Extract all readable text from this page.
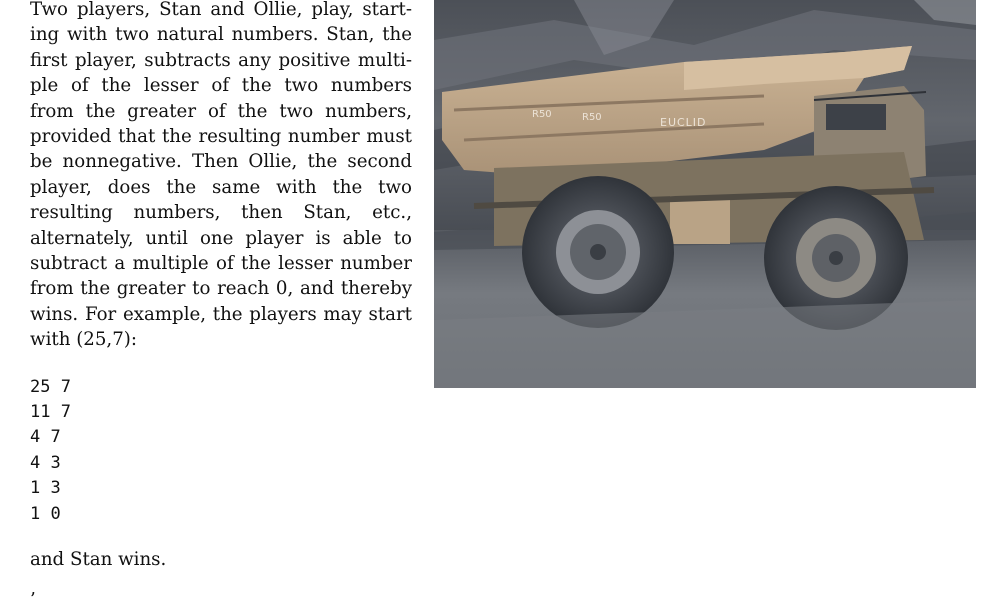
Two players, Stan and Ollie, play, starting with two natural numbers. Stan, the first player, subtracts any positive multiple of the lesser of the two numbers from the greater of the two numbers, provided that the resulting number must be nonnegative. Then Ollie, the second player, does the same with the two resulting numbers, then Stan, etc., alternately, until one player is able to subtract a multiple of the lesser number from the greater to reach 0, and thereby wins. For example, the players may start with (25,7):

25 7
11 7
4 7
4 3
1 3
1 0

and Stan wins.

’
R50	R50	EUCLID
